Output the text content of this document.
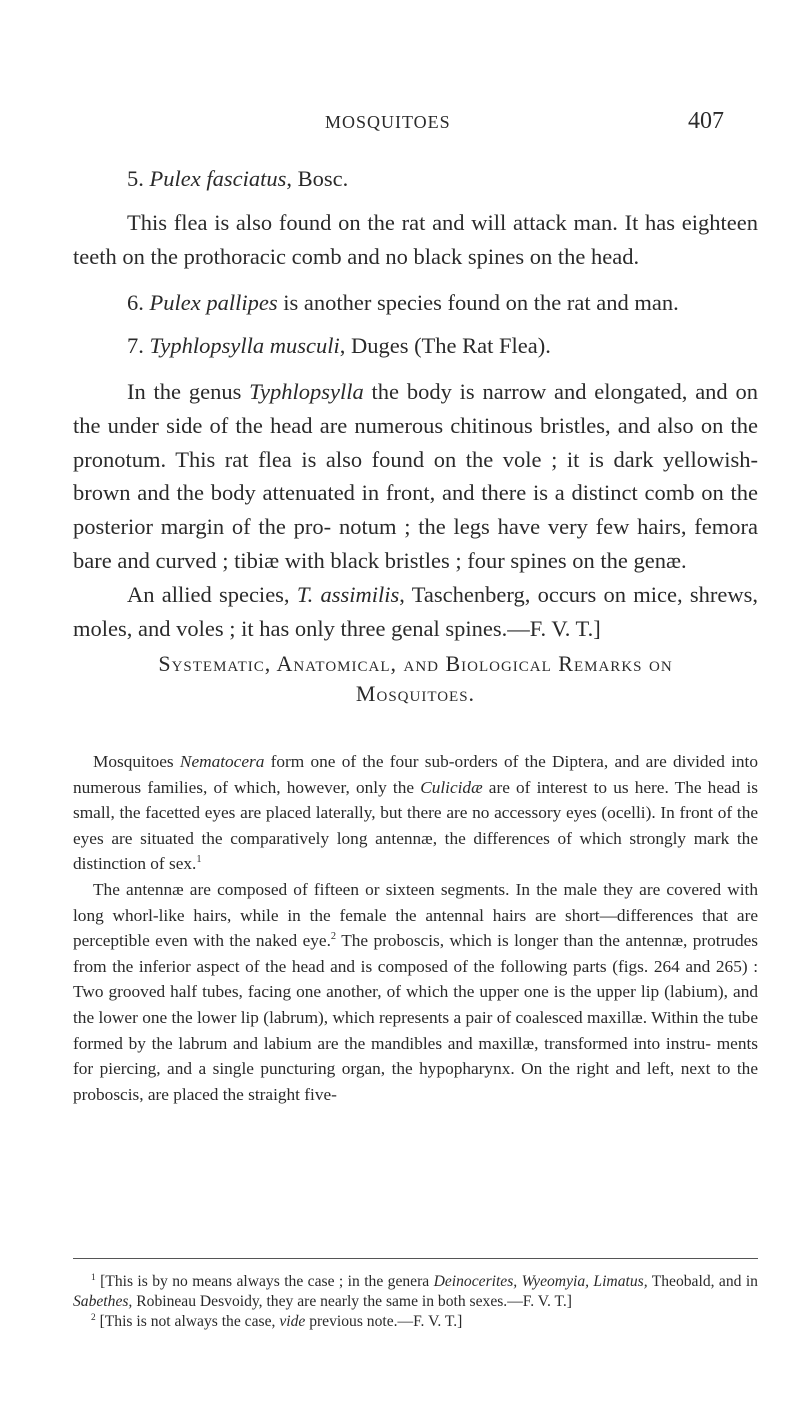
MOSQUITOES	407

5. Pulex fasciatus, Bosc.

This flea is also found on the rat and will attack man. It has eighteen teeth on the prothoracic comb and no black spines on the head.

6. Pulex pallipes is another species found on the rat and man.

7. Typhlopsylla musculi, Duges (The Rat Flea).

In the genus Typhlopsylla the body is narrow and elongated, and on the under side of the head are numerous chitinous bristles, and also on the pronotum. This rat flea is also found on the vole ; it is dark yellowish-brown and the body attenuated in front, and there is a distinct comb on the posterior margin of the pro- notum ; the legs have very few hairs, femora bare and curved ; tibiæ with black bristles ; four spines on the genæ.

An allied species, T. assimilis, Taschenberg, occurs on mice, shrews, moles, and voles ; it has only three genal spines.—F. V. T.]

Systematic, Anatomical, and Biological Remarks on
Mosquitoes.

Mosquitoes Nematocera form one of the four sub-orders of the Diptera, and are divided into numerous families, of which, however, only the Culicidæ are of interest to us here. The head is small, the facetted eyes are placed laterally, but there are no accessory eyes (ocelli). In front of the eyes are situated the comparatively long antennæ, the differences of which strongly mark the distinction of sex.$^1$

The antennæ are composed of fifteen or sixteen segments. In the male they are covered with long whorl-like hairs, while in the female the antennal hairs are short—differences that are perceptible even with the naked eye.$^2$ The proboscis, which is longer than the antennæ, protrudes from the inferior aspect of the head and is composed of the following parts (figs. 264 and 265) : Two grooved half tubes, facing one another, of which the upper one is the upper lip (labium), and the lower one the lower lip (labrum), which represents a pair of coalesced maxillæ. Within the tube formed by the labrum and labium are the mandibles and maxillæ, transformed into instru- ments for piercing, and a single puncturing organ, the hypopharynx. On the right and left, next to the proboscis, are placed the straight five-

$^1$ [This is by no means always the case ; in the genera Deinocerites, Wyeomyia, Limatus, Theobald, and in Sabethes, Robineau Desvoidy, they are nearly the same in both sexes.—F. V. T.]

$^2$ [This is not always the case, vide previous note.—F. V. T.]
